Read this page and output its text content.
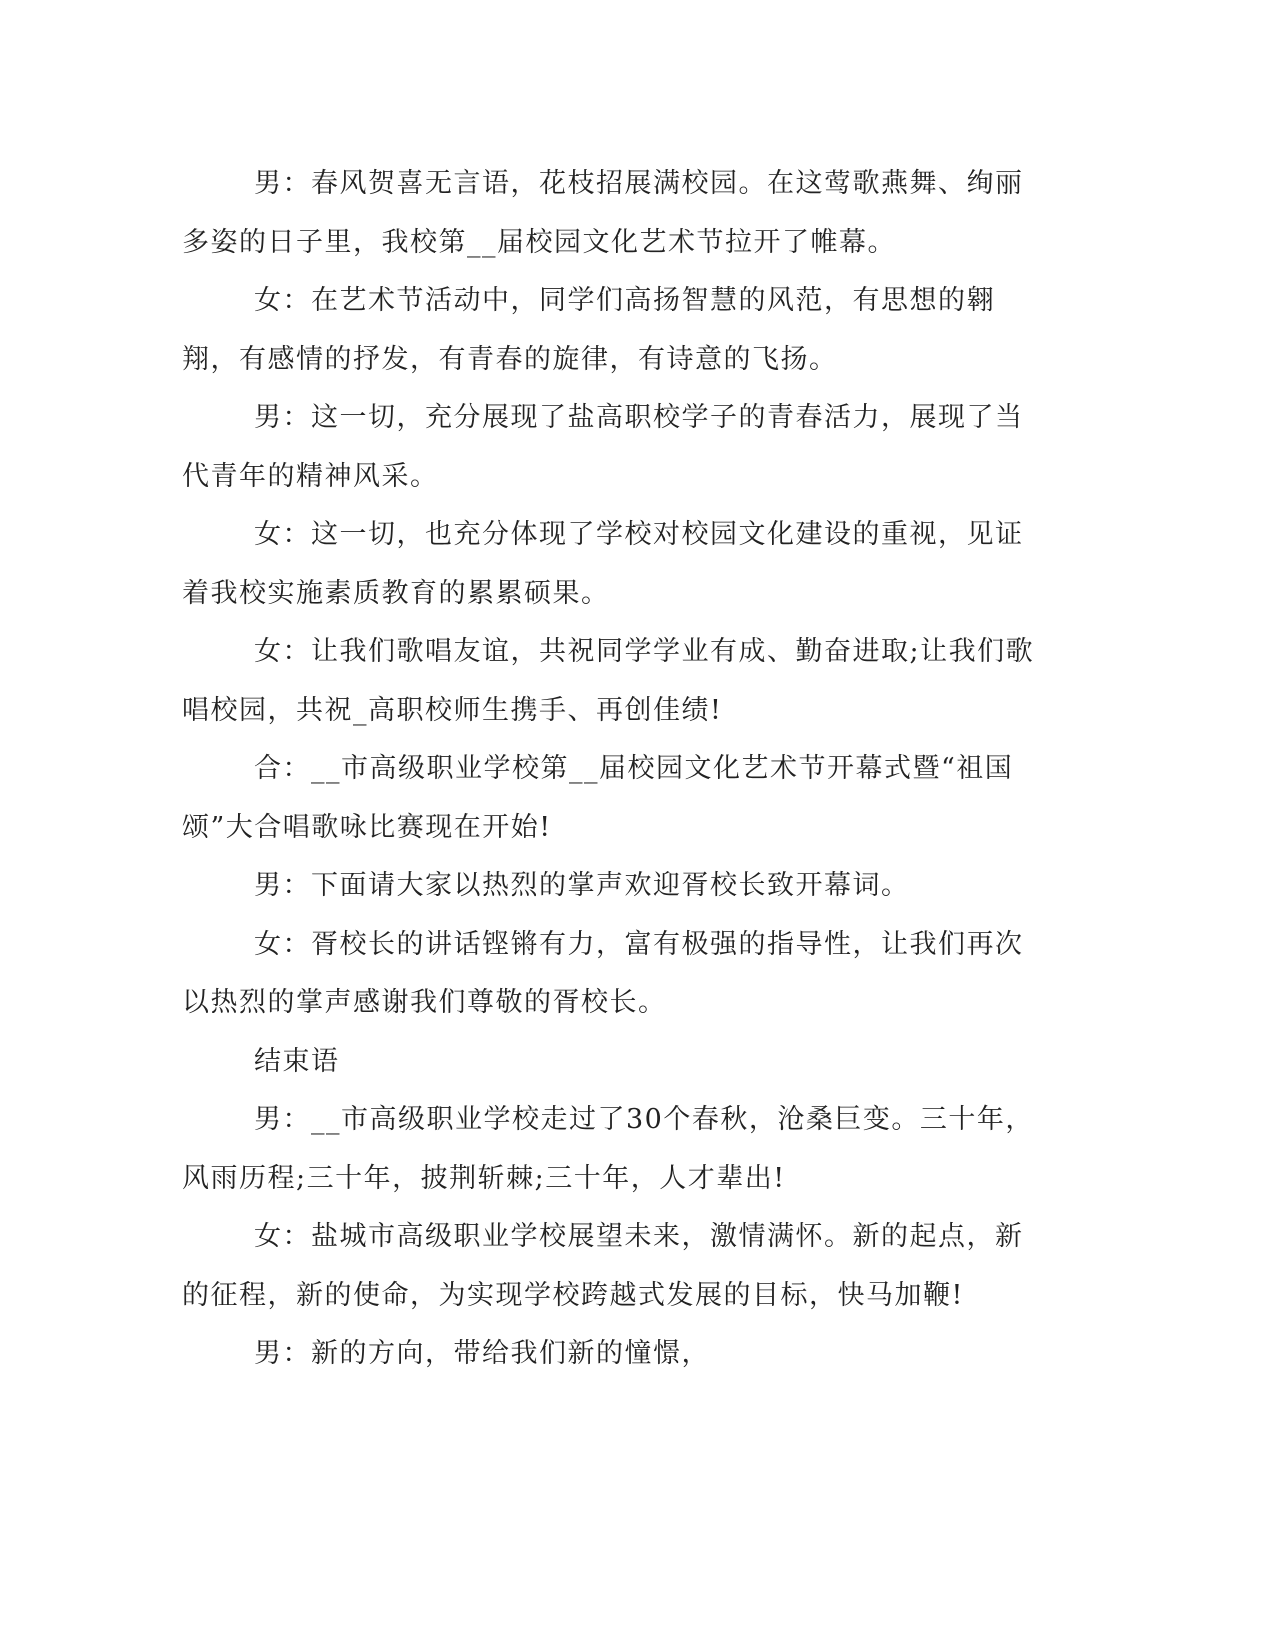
男：春风贺喜无言语，花枝招展满校园。在这莺歌燕舞、绚丽多姿的日子里，我校第__届校园文化艺术节拉开了帷幕。

女：在艺术节活动中，同学们高扬智慧的风范，有思想的翱翔，有感情的抒发，有青春的旋律，有诗意的飞扬。

男：这一切，充分展现了盐高职校学子的青春活力，展现了当代青年的精神风采。

女：这一切，也充分体现了学校对校园文化建设的重视，见证着我校实施素质教育的累累硕果。

女：让我们歌唱友谊，共祝同学学业有成、勤奋进取;让我们歌唱校园，共祝_高职校师生携手、再创佳绩!

合：__市高级职业学校第__届校园文化艺术节开幕式暨“祖国颂”大合唱歌咏比赛现在开始!

男：下面请大家以热烈的掌声欢迎胥校长致开幕词。

女：胥校长的讲话铿锵有力，富有极强的指导性，让我们再次以热烈的掌声感谢我们尊敬的胥校长。

结束语

男：__市高级职业学校走过了30个春秋，沧桑巨变。三十年，风雨历程;三十年，披荆斩棘;三十年，人才辈出!

女：盐城市高级职业学校展望未来，激情满怀。新的起点，新的征程，新的使命，为实现学校跨越式发展的目标，快马加鞭!

男：新的方向，带给我们新的憧憬，
